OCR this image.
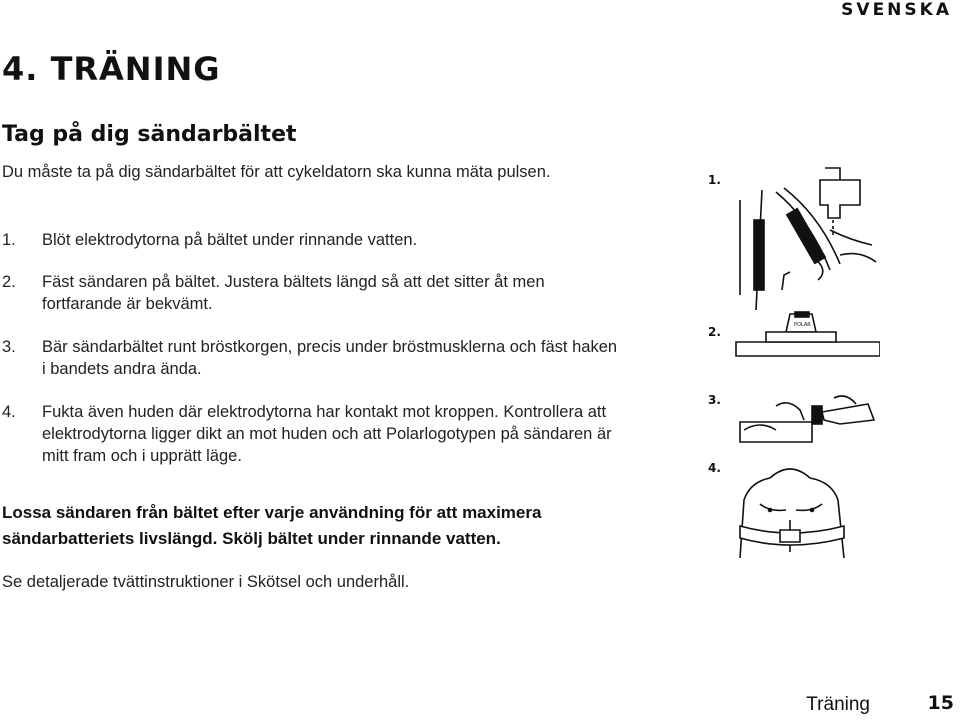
SVENSKA
4. TRÄNING
Tag på dig sändarbältet
Du måste ta på dig sändarbältet för att cykeldatorn ska kunna mäta pulsen.
1. Blöt elektrodytorna på bältet under rinnande vatten.
2. Fäst sändaren på bältet. Justera bältets längd så att det sitter åt men fortfarande är bekvämt.
3. Bär sändarbältet runt bröstkorgen, precis under bröstmusklerna och fäst haken i bandets andra ända.
4. Fukta även huden där elektrodytorna har kontakt mot kroppen. Kontrollera att elektrodytorna ligger dikt an mot huden och att Polarlogotypen på sändaren är mitt fram och i upprätt läge.
Lossa sändaren från bältet efter varje användning för att maximera sändarbatteriets livslängd. Skölj bältet under rinnande vatten.
Se detaljerade tvättinstruktioner i Skötsel och underhåll.
1.
2.
3.
4.
POLAR
Träning	15
